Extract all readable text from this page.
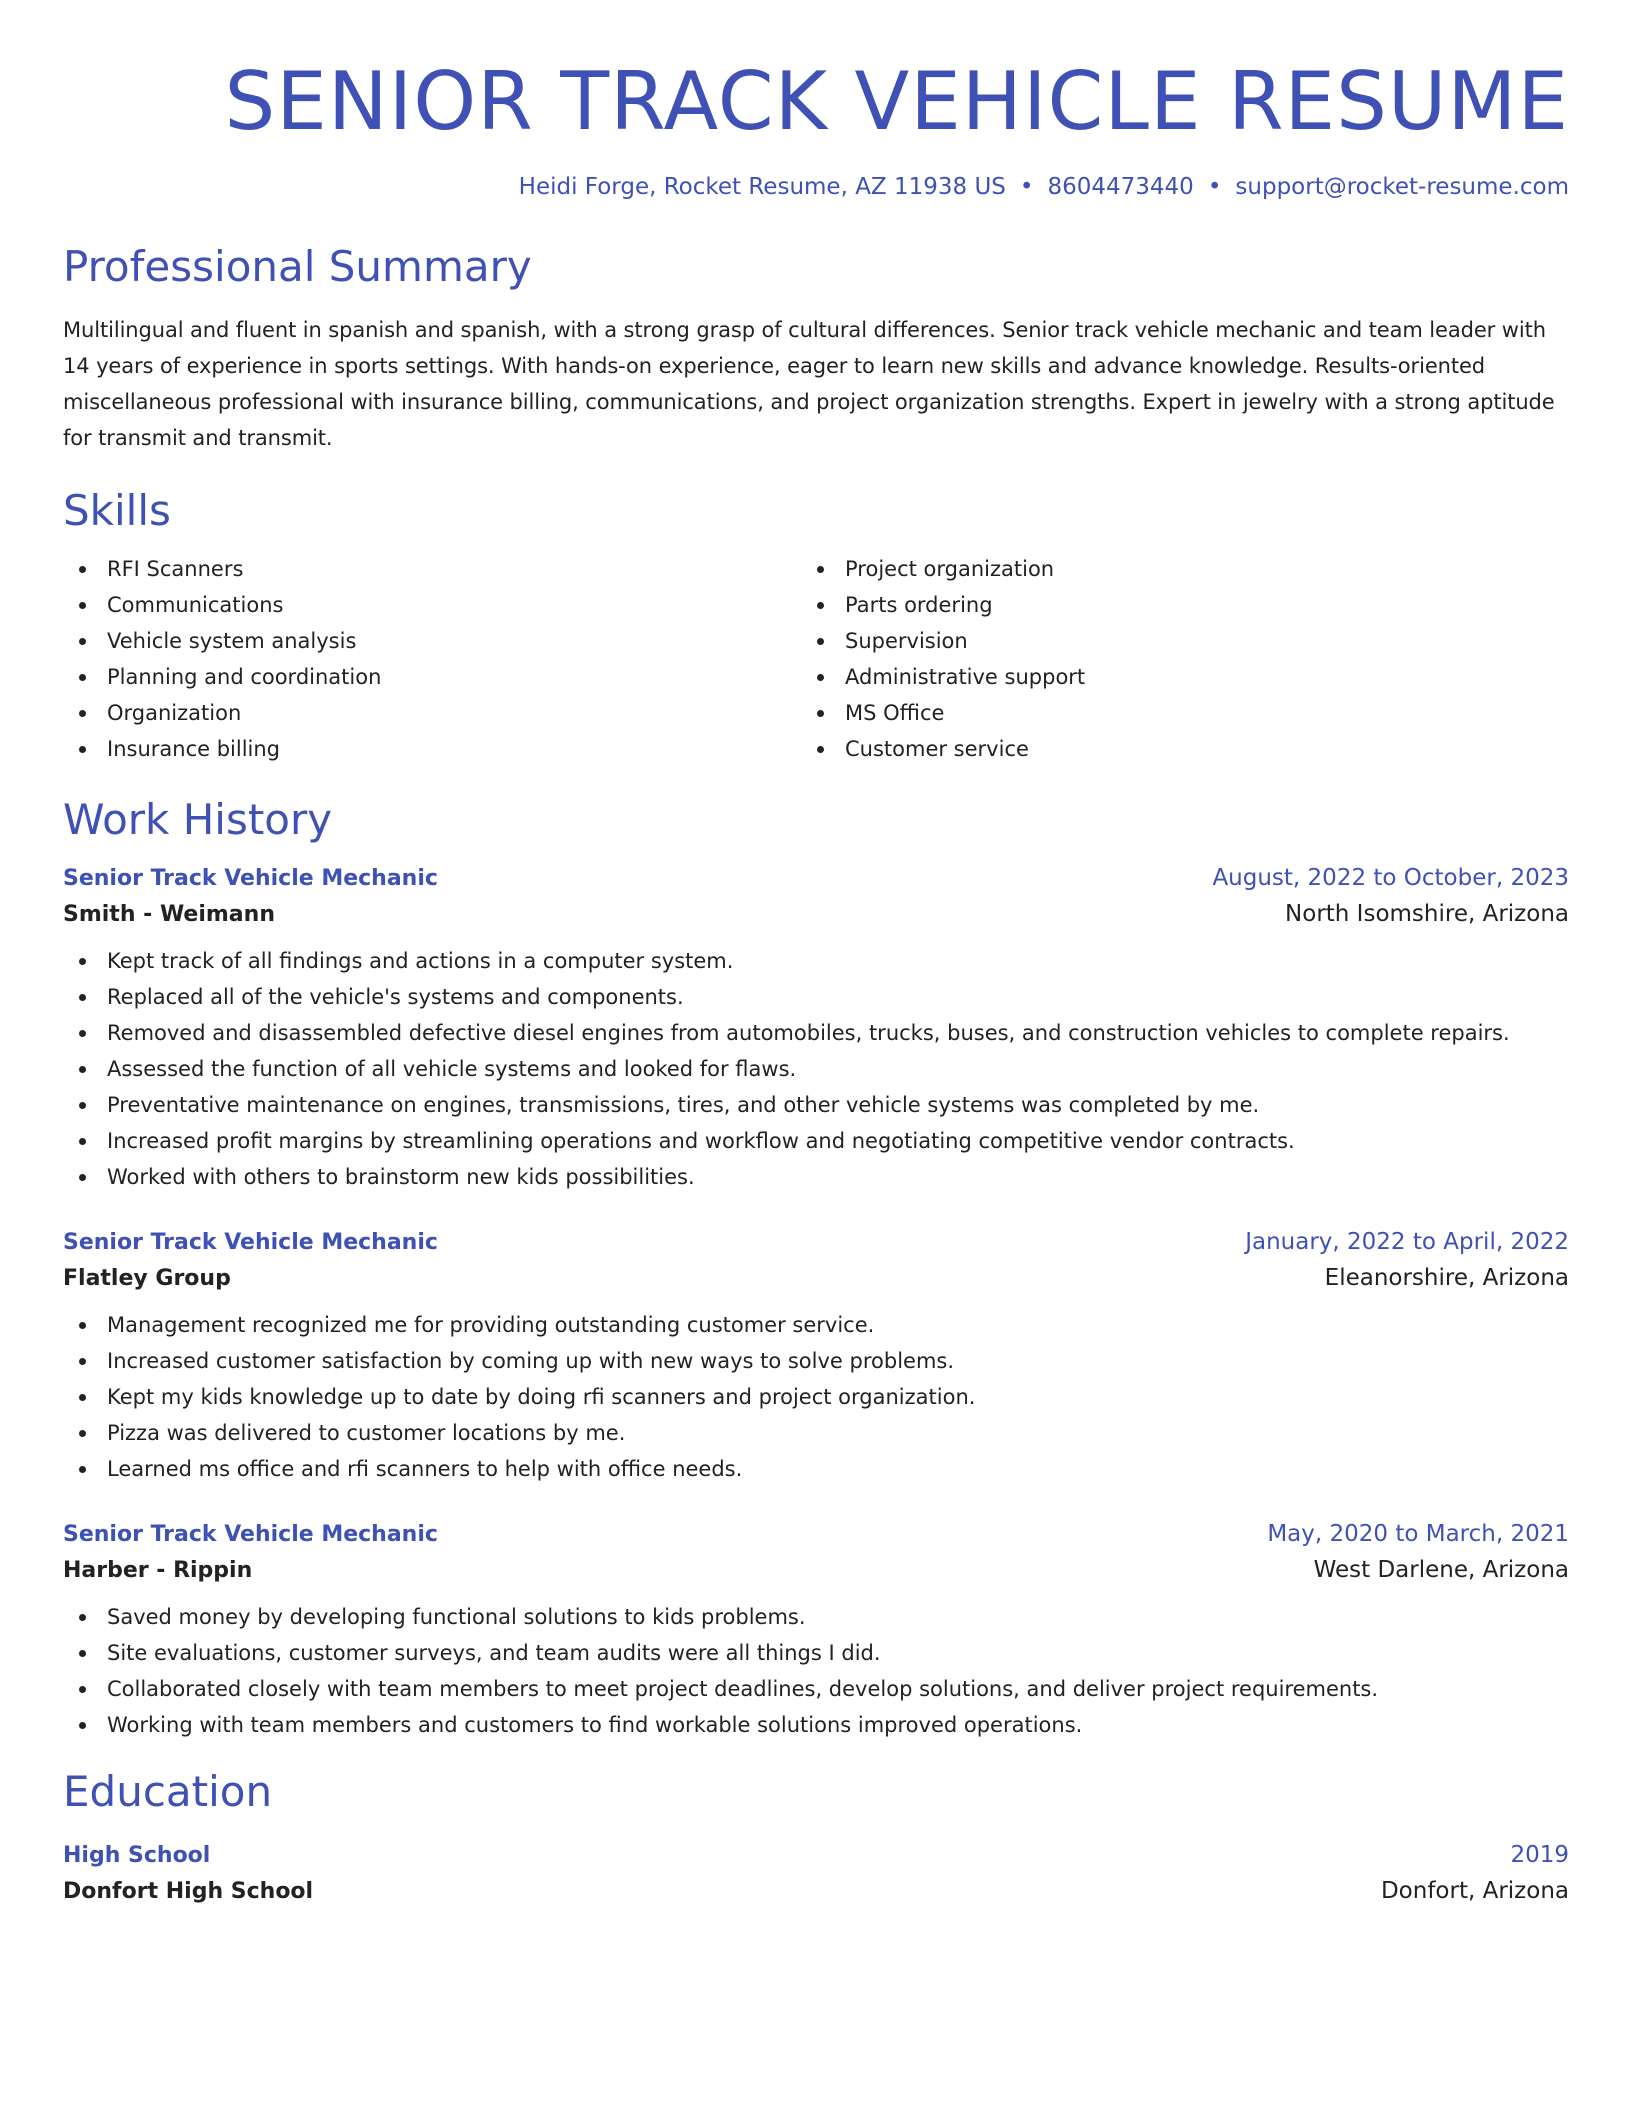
SENIOR TRACK VEHICLE RESUME
Heidi Forge, Rocket Resume, AZ 11938 US • 8604473440 • support@rocket-resume.com
Professional Summary
Multilingual and fluent in spanish and spanish, with a strong grasp of cultural differences. Senior track vehicle mechanic and team leader with 14 years of experience in sports settings. With hands-on experience, eager to learn new skills and advance knowledge. Results-oriented miscellaneous professional with insurance billing, communications, and project organization strengths. Expert in jewelry with a strong aptitude for transmit and transmit.
Skills
RFI Scanners
Communications
Vehicle system analysis
Planning and coordination
Organization
Insurance billing
Project organization
Parts ordering
Supervision
Administrative support
MS Office
Customer service
Work History
Senior Track Vehicle Mechanic	August, 2022 to October, 2023
Smith - Weimann	North Isomshire, Arizona
Kept track of all findings and actions in a computer system.
Replaced all of the vehicle's systems and components.
Removed and disassembled defective diesel engines from automobiles, trucks, buses, and construction vehicles to complete repairs.
Assessed the function of all vehicle systems and looked for flaws.
Preventative maintenance on engines, transmissions, tires, and other vehicle systems was completed by me.
Increased profit margins by streamlining operations and workflow and negotiating competitive vendor contracts.
Worked with others to brainstorm new kids possibilities.
Senior Track Vehicle Mechanic	January, 2022 to April, 2022
Flatley Group	Eleanorshire, Arizona
Management recognized me for providing outstanding customer service.
Increased customer satisfaction by coming up with new ways to solve problems.
Kept my kids knowledge up to date by doing rfi scanners and project organization.
Pizza was delivered to customer locations by me.
Learned ms office and rfi scanners to help with office needs.
Senior Track Vehicle Mechanic	May, 2020 to March, 2021
Harber - Rippin	West Darlene, Arizona
Saved money by developing functional solutions to kids problems.
Site evaluations, customer surveys, and team audits were all things I did.
Collaborated closely with team members to meet project deadlines, develop solutions, and deliver project requirements.
Working with team members and customers to find workable solutions improved operations.
Education
High School	2019
Donfort High School	Donfort, Arizona
